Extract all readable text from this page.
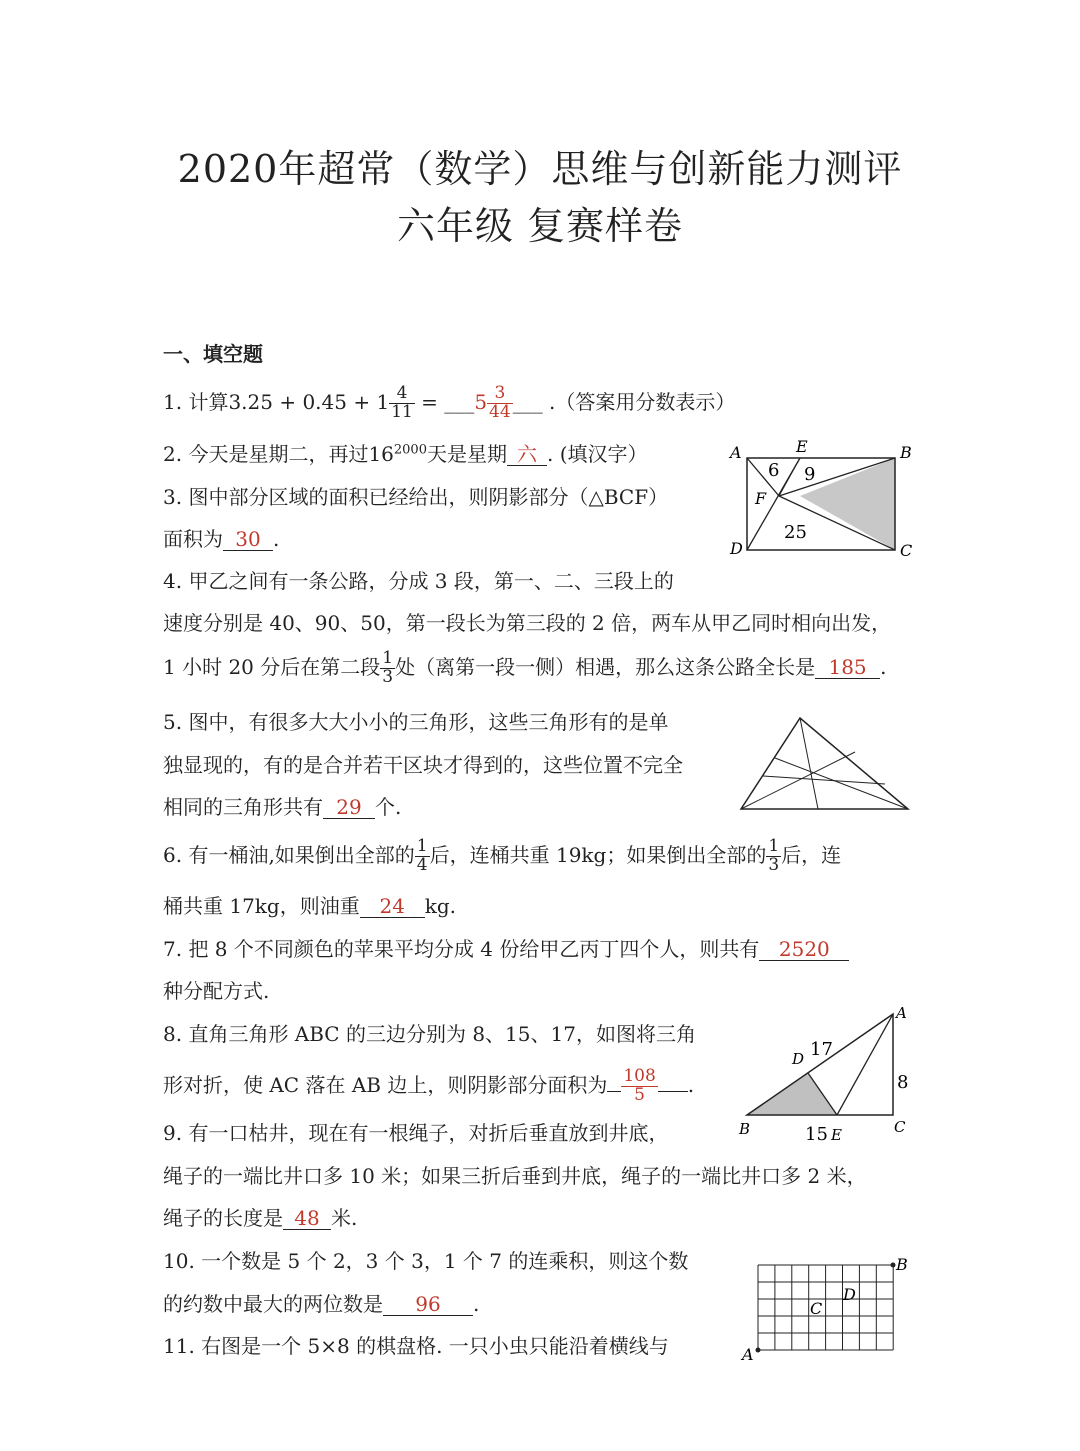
2020年超常（数学）思维与创新能力测评
六年级 复赛样卷
一、填空题
1. 计算$3.25 + 0.45 + 1 \frac{4}{11}$ = ___5 $\frac{3}{44}$ ___ .（答案用分数表示）
2. 今天是星期二，再过$16^{2000}$天是星期 六 . (填汉字）
3. 图中部分区域的面积已经给出，则阴影部分（△BCF）
面积为 30 .
4. 甲乙之间有一条公路，分成 3 段，第一、二、三段上的
速度分别是 40、90、50，第一段长为第三段的 2 倍，两车从甲乙同时相向出发，
1 小时 20 分后在第二段 $\frac{1}{3}$ 处（离第一段一侧）相遇，那么这条公路全长是 185 .
5. 图中，有很多大大小小的三角形，这些三角形有的是单
独显现的，有的是合并若干区块才得到的，这些位置不完全
相同的三角形共有 29 个.
6. 有一桶油,如果倒出全部的 $\frac{1}{4}$ 后，连桶共重 19kg；如果倒出全部的 $\frac{1}{3}$ 后，连
桶共重 17kg，则油重 24 kg.
7. 把 8 个不同颜色的苹果平均分成 4 份给甲乙丙丁四个人，则共有 2520
种分配方式.
8. 直角三角形 ABC 的三边分别为 8、15、17，如图将三角
形对折，使 AC 落在 AB 边上，则阴影部分面积为 $\frac{108}{5}$ .
9. 有一口枯井，现在有一根绳子，对折后垂直放到井底，
绳子的一端比井口多 10 米；如果三折后垂到井底，绳子的一端比井口多 2 米，
绳子的长度是 48 米.
10. 一个数是 5 个 2，3 个 3，1 个 7 的连乘积，则这个数
的约数中最大的两位数是 96 .
11. 右图是一个 5×8 的棋盘格. 一只小虫只能沿着横线与
A	E	B
F
D	C
6 9
25
A
D 17
8
B	15 E	C
A
B
C
D
